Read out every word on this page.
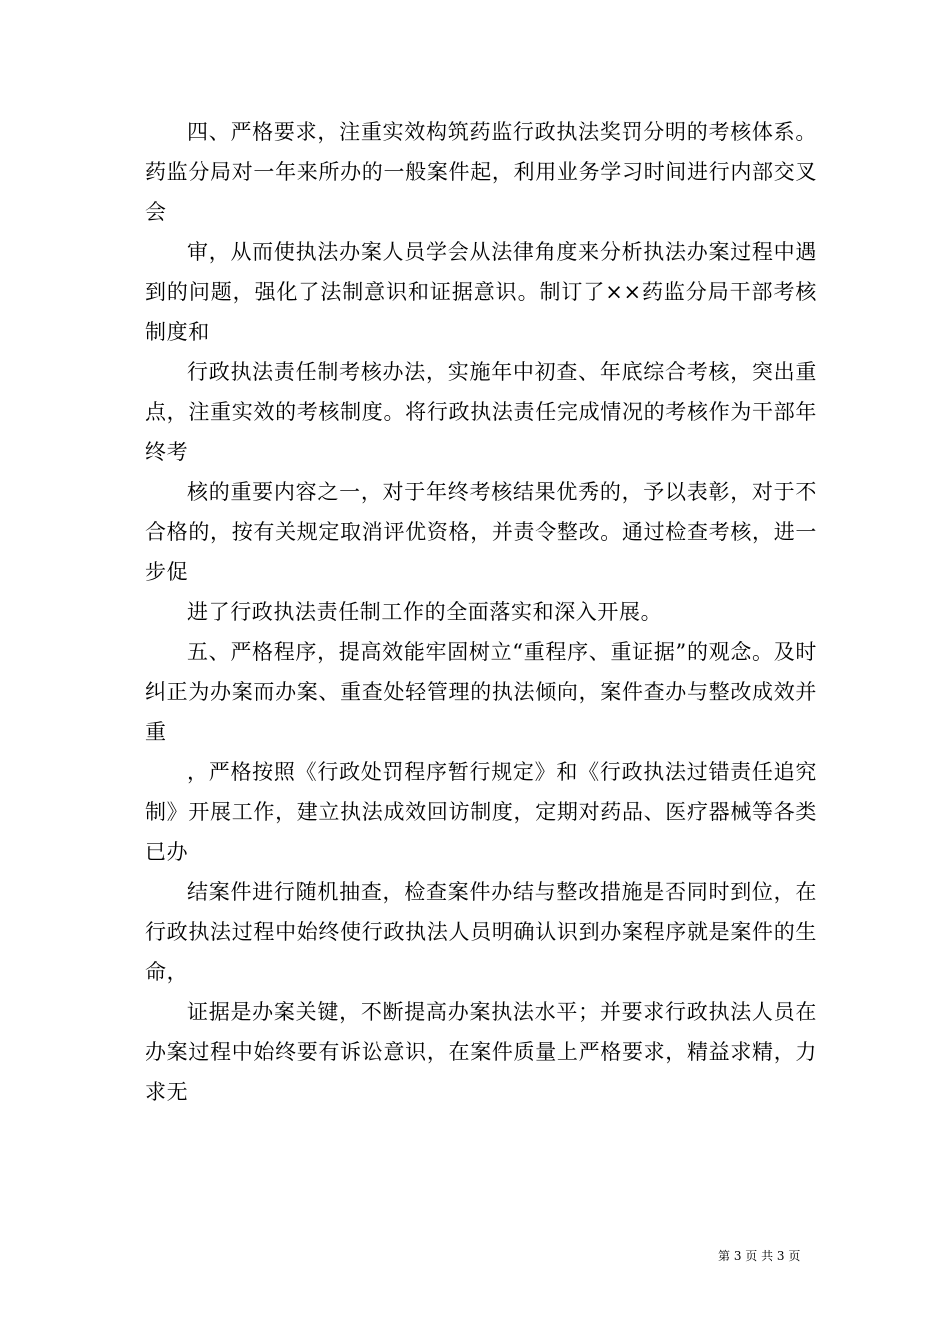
四、严格要求，注重实效构筑药监行政执法奖罚分明的考核体系。药监分局对一年来所办的一般案件起，利用业务学习时间进行内部交叉会

审，从而使执法办案人员学会从法律角度来分析执法办案过程中遇到的问题，强化了法制意识和证据意识。制订了××药监分局干部考核制度和

行政执法责任制考核办法，实施年中初查、年底综合考核，突出重点，注重实效的考核制度。将行政执法责任完成情况的考核作为干部年终考

核的重要内容之一，对于年终考核结果优秀的，予以表彰，对于不合格的，按有关规定取消评优资格，并责令整改。通过检查考核，进一步促

进了行政执法责任制工作的全面落实和深入开展。

五、严格程序，提高效能牢固树立“重程序、重证据”的观念。及时纠正为办案而办案、重查处轻管理的执法倾向，案件查办与整改成效并重

，严格按照《行政处罚程序暂行规定》和《行政执法过错责任追究制》开展工作，建立执法成效回访制度，定期对药品、医疗器械等各类已办

结案件进行随机抽查，检查案件办结与整改措施是否同时到位，在行政执法过程中始终使行政执法人员明确认识到办案程序就是案件的生命，

证据是办案关键，不断提高办案执法水平；并要求行政执法人员在办案过程中始终要有诉讼意识，在案件质量上严格要求，精益求精，力求无

第 3 页 共 3 页
